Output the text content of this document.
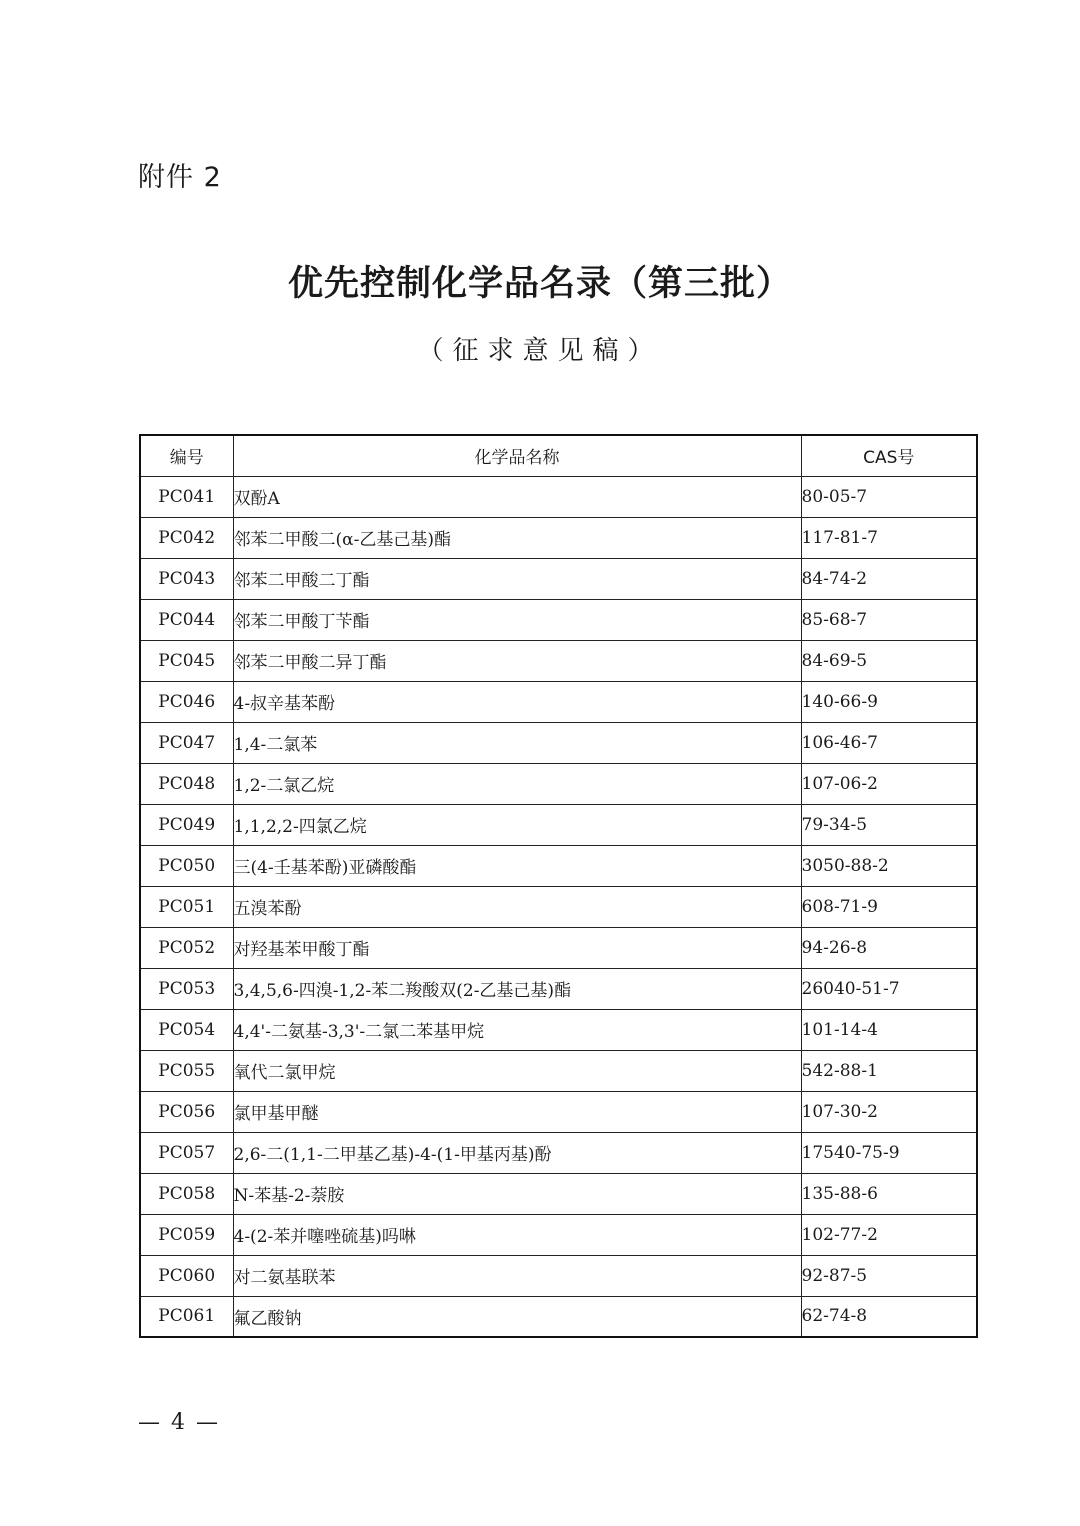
附件 2
优先控制化学品名录（第三批）
（征求意见稿）
编号	化学品名称	CAS号
PC041	双酚A	80-05-7
PC042	邻苯二甲酸二(α-乙基己基)酯	117-81-7
PC043	邻苯二甲酸二丁酯	84-74-2
PC044	邻苯二甲酸丁苄酯	85-68-7
PC045	邻苯二甲酸二异丁酯	84-69-5
PC046	4-叔辛基苯酚	140-66-9
PC047	1,4-二氯苯	106-46-7
PC048	1,2-二氯乙烷	107-06-2
PC049	1,1,2,2-四氯乙烷	79-34-5
PC050	三(4-壬基苯酚)亚磷酸酯	3050-88-2
PC051	五溴苯酚	608-71-9
PC052	对羟基苯甲酸丁酯	94-26-8
PC053	3,4,5,6-四溴-1,2-苯二羧酸双(2-乙基己基)酯	26040-51-7
PC054	4,4'-二氨基-3,3'-二氯二苯基甲烷	101-14-4
PC055	氧代二氯甲烷	542-88-1
PC056	氯甲基甲醚	107-30-2
PC057	2,6-二(1,1-二甲基乙基)-4-(1-甲基丙基)酚	17540-75-9
PC058	N-苯基-2-萘胺	135-88-6
PC059	4-(2-苯并噻唑硫基)吗啉	102-77-2
PC060	对二氨基联苯	92-87-5
PC061	氟乙酸钠	62-74-8
— 4 —
